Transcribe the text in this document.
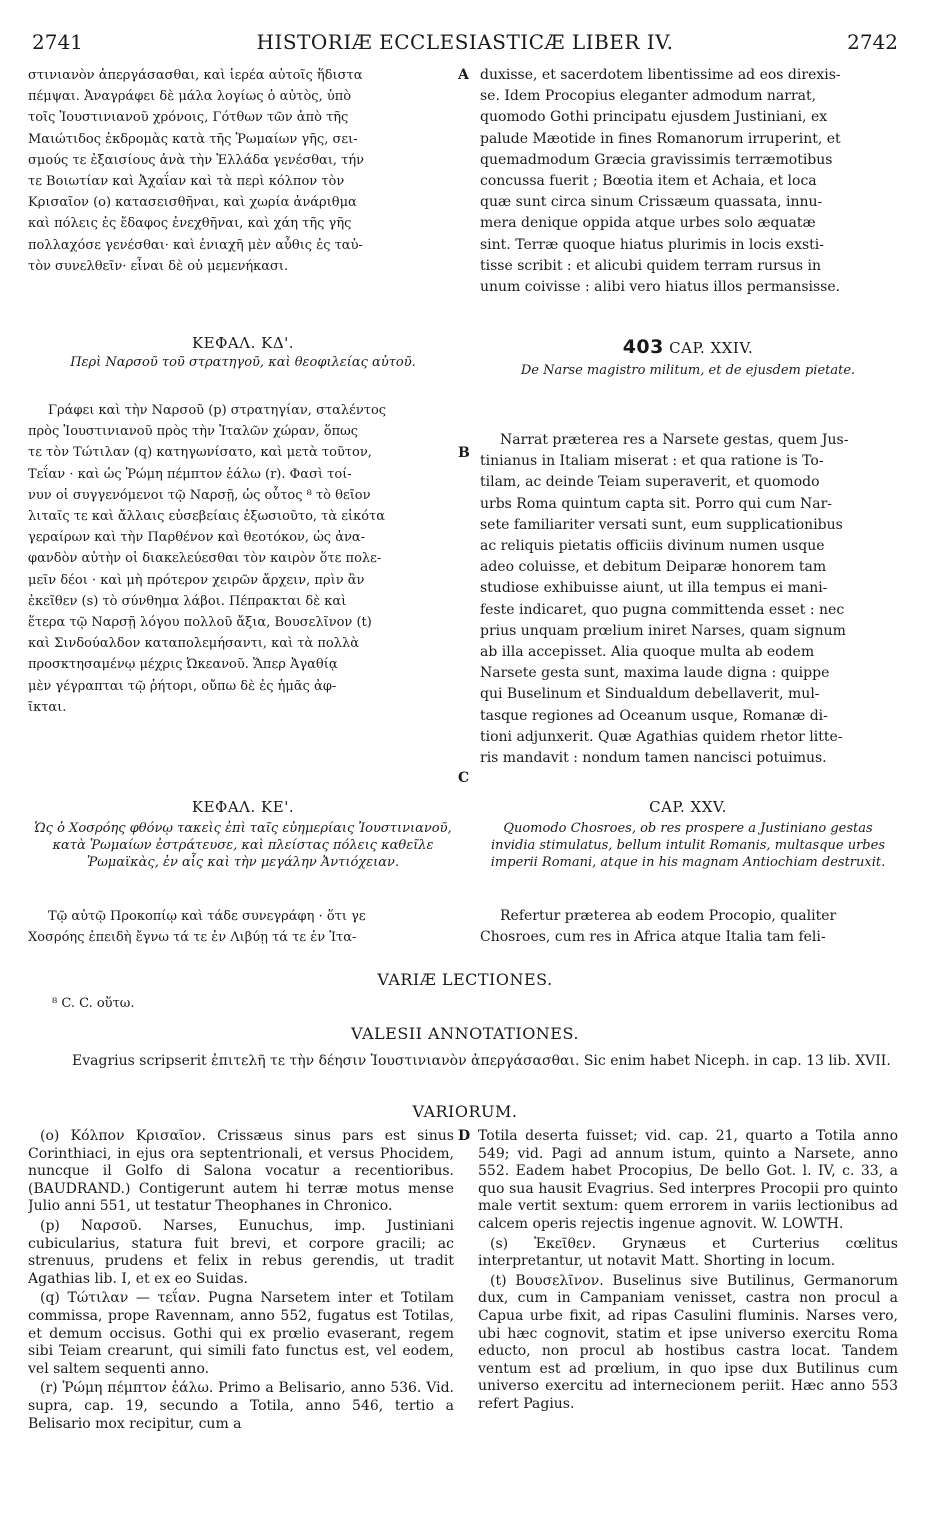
2741	HISTORIÆ ECCLESIASTICÆ LIBER IV.	2742
A
B
C
D
στινιανὸν ἀπεργάσασθαι, καὶ ἱερέα αὐτοῖς ἥδιστα
πέμψαι. Ἀναγράφει δὲ μάλα λογίως ὁ αὐτὸς, ὑπὸ
τοῖς Ἰουστινιανοῦ χρόνοις, Γότθων τῶν ἀπὸ τῆς
Μαιώτιδος ἐκδρομὰς κατὰ τῆς Ῥωμαίων γῆς, σει-
σμούς τε ἐξαισίους ἀνὰ τὴν Ἑλλάδα γενέσθαι, τήν
τε Βοιωτίαν καὶ Ἀχαΐαν καὶ τὰ περὶ κόλπον τὸν
Κρισαῖον (o) κατασεισθῆναι, καὶ χωρία ἀνάριθμα
καὶ πόλεις ἐς ἔδαφος ἐνεχθῆναι, καὶ χάη τῆς γῆς
πολλαχόσε γενέσθαι· καὶ ἐνιαχῆ μὲν αὖθις ἐς ταὐ-
τὸν συνελθεῖν· εἶναι δὲ οὐ μεμενήκασι.
duxisse, et sacerdotem libentissime ad eos direxis-
se. Idem Procopius eleganter admodum narrat,
quomodo Gothi principatu ejusdem Justiniani, ex
palude Mæotide in fines Romanorum irruperint, et
quemadmodum Græcia gravissimis terræmotibus
concussa fuerit ; Bœotia item et Achaia, et loca
quæ sunt circa sinum Crissæum quassata, innu-
mera denique oppida atque urbes solo æquatæ
sint. Terræ quoque hiatus plurimis in locis exsti-
tisse scribit : et alicubi quidem terram rursus in
unum coivisse : alibi vero hiatus illos permansisse.
ΚΕΦΑΛ. ΚΔ'.
Περὶ Ναρσοῦ τοῦ στρατηγοῦ, καὶ θεοφιλείας αὐτοῦ.
403 CAP. XXIV.
De Narse magistro militum, et de ejusdem pietate.
Γράφει καὶ τὴν Ναρσοῦ (p) στρατηγίαν, σταλέντος
πρὸς Ἰουστινιανοῦ πρὸς τὴν Ἰταλῶν χώραν, ὅπως
τε τὸν Τώτιλαν (q) κατηγωνίσατο, καὶ μετὰ τοῦτον,
Τεΐαν · καὶ ὡς Ῥώμη πέμπτον ἑάλω (r). Φασὶ τοί-
νυν οἱ συγγενόμενοι τῷ Ναρσῇ, ὡς οὗτος ⁸ τὸ θεῖον
λιταῖς τε καὶ ἄλλαις εὐσεβείαις ἐξωσιοῦτο, τὰ εἰκότα
γεραίρων καὶ τὴν Παρθένον καὶ θεοτόκον, ὡς ἀνα-
φανδὸν αὐτὴν οἱ διακελεύεσθαι τὸν καιρὸν ὅτε πολε-
μεῖν δέοι · καὶ μὴ πρότερον χειρῶν ἄρχειν, πρὶν ἂν
ἐκεῖθεν (s) τὸ σύνθημα λάβοι. Πέπρακται δὲ καὶ
ἕτερα τῷ Ναρσῇ λόγου πολλοῦ ἄξια, Βουσελῖνον (t)
καὶ Σινδούαλδον καταπολεμήσαντι, καὶ τὰ πολλὰ
προσκτησαμένῳ μέχρις Ὠκεανοῦ. Ἅπερ Ἀγαθίᾳ
μὲν γέγραπται τῷ ῥήτορι, οὔπω δὲ ἐς ἡμᾶς ἀφ-
ῖκται.
Narrat præterea res a Narsete gestas, quem Jus-
tinianus in Italiam miserat : et qua ratione is To-
tilam, ac deinde Teiam superaverit, et quomodo
urbs Roma quintum capta sit. Porro qui cum Nar-
sete familiariter versati sunt, eum supplicationibus
ac reliquis pietatis officiis divinum numen usque
adeo coluisse, et debitum Deiparæ honorem tam
studiose exhibuisse aiunt, ut illa tempus ei mani-
feste indicaret, quo pugna committenda esset : nec
prius unquam prœlium iniret Narses, quam signum
ab illa accepisset. Alia quoque multa ab eodem
Narsete gesta sunt, maxima laude digna : quippe
qui Buselinum et Sindualdum debellaverit, mul-
tasque regiones ad Oceanum usque, Romanæ di-
tioni adjunxerit. Quæ Agathias quidem rhetor litte-
ris mandavit : nondum tamen nancisci potuimus.
ΚΕΦΑΛ. ΚΕ'.
Ὡς ὁ Χοσρόης φθόνῳ τακεὶς ἐπὶ ταῖς εὐημερίαις Ἰουστινιανοῦ, κατὰ Ῥωμαίων ἐστράτευσε, καὶ πλείστας πόλεις καθεῖλε Ῥωμαϊκὰς, ἐν αἷς καὶ τὴν μεγάλην Ἀντιόχειαν.
CAP. XXV.
Quomodo Chosroes, ob res prospere a Justiniano gestas invidia stimulatus, bellum intulit Romanis, multasque urbes imperii Romani, atque in his magnam Antiochiam destruxit.
Τῷ αὐτῷ Προκοπίῳ καὶ τάδε συνεγράφη · ὅτι γε
Χοσρόης ἐπειδὴ ἔγνω τά τε ἐν Λιβύῃ τά τε ἐν Ἰτα-
Refertur præterea ab eodem Procopio, qualiter
Chosroes, cum res in Africa atque Italia tam feli-
VARIÆ LECTIONES.
⁸ C. C. οὕτω.
VALESII ANNOTATIONES.
Evagrius scripserit ἐπιτελῆ τε τὴν δέησιν Ἰουστινιανὸν ἀπεργάσασθαι. Sic enim habet Niceph. in cap. 13 lib. XVII.
VARIORUM.

(o) Κόλπον Κρισαῖον. Crissæus sinus pars est sinus Corinthiaci, in ejus ora septentrionali, et versus Phocidem, nuncque il Golfo di Salona vocatur a recentioribus. (BAUDRAND.) Contigerunt autem hi terræ motus mense Julio anni 551, ut testatur Theophanes in Chronico.

(p) Ναρσοῦ. Narses, Eunuchus, imp. Justiniani cubicularius, statura fuit brevi, et corpore gracili; ac strenuus, prudens et felix in rebus gerendis, ut tradit Agathias lib. I, et ex eo Suidas.

(q) Τώτιλαν — τεΐαν. Pugna Narsetem inter et Totilam commissa, prope Ravennam, anno 552, fugatus est Totilas, et demum occisus. Gothi qui ex prœlio evaserant, regem sibi Teiam crearunt, qui simili fato functus est, vel eodem, vel saltem sequenti anno.

(r) Ῥώμη πέμπτον ἑάλω. Primo a Belisario, anno 536. Vid. supra, cap. 19, secundo a Totila, anno 546, tertio a Belisario mox recipitur, cum a

Totila deserta fuisset; vid. cap. 21, quarto a Totila anno 549; vid. Pagi ad annum istum, quinto a Narsete, anno 552. Eadem habet Procopius, De bello Got. l. IV, c. 33, a quo sua hausit Evagrius. Sed interpres Procopii pro quinto male vertit sextum: quem errorem in variis lectionibus ad calcem operis rejectis ingenue agnovit. W. LOWTH.

(s) Ἐκεῖθεν. Grynæus et Curterius cœlitus interpretantur, ut notavit Matt. Shorting in locum.

(t) Βουσελῖνον. Buselinus sive Butilinus, Germanorum dux, cum in Campaniam venisset, castra non procul a Capua urbe fixit, ad ripas Casulini fluminis. Narses vero, ubi hæc cognovit, statim et ipse universo exercitu Roma educto, non procul ab hostibus castra locat. Tandem ventum est ad prœlium, in quo ipse dux Butilinus cum universo exercitu ad internecionem periit. Hæc anno 553 refert Pagius.
